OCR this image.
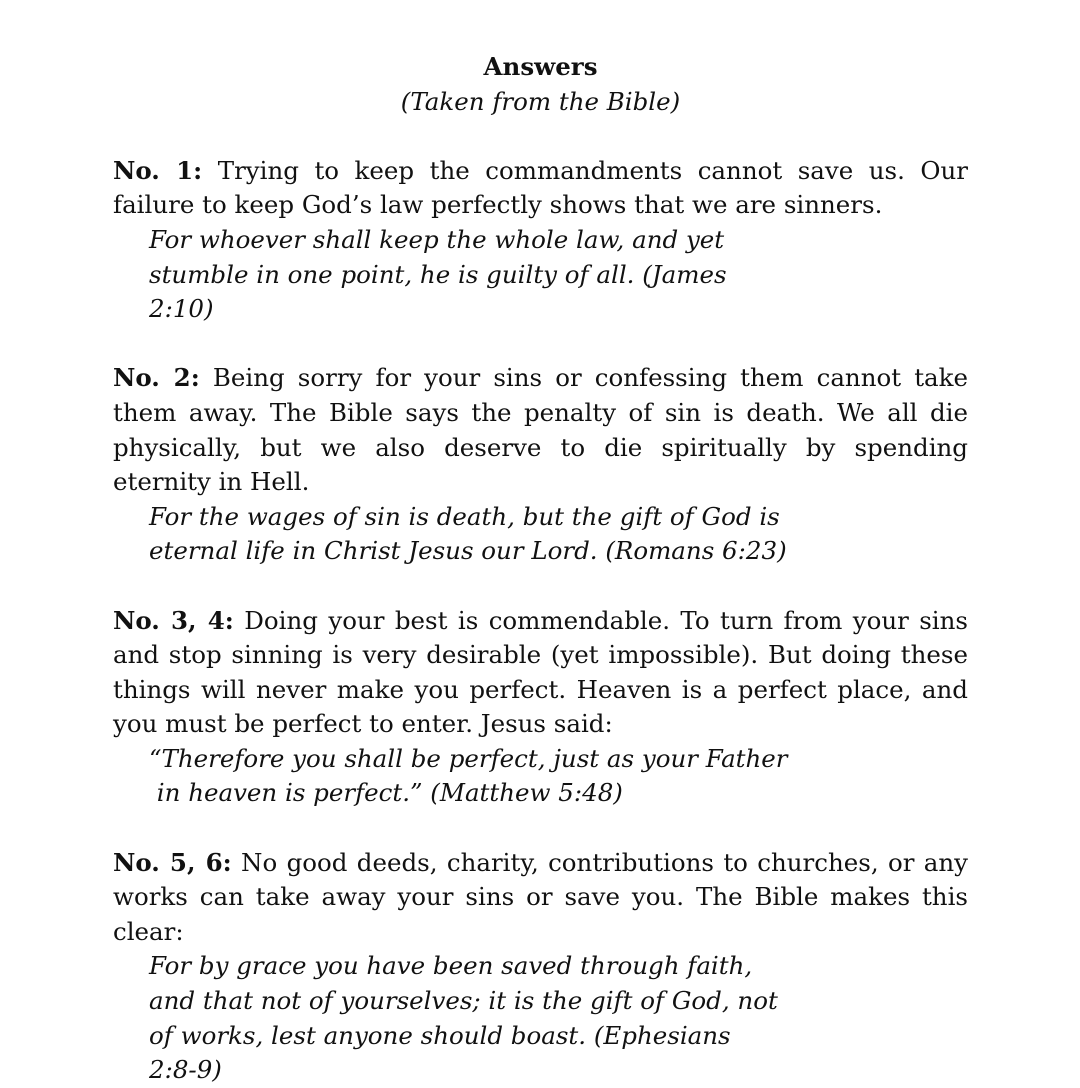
Answers

(Taken from the Bible)

No. 1: Trying to keep the commandments cannot save us. Our failure to keep God’s law perfectly shows that we are sinners.

For whoever shall keep the whole law, and yet
stumble in one point, he is guilty of all. (James
2:10)

No. 2: Being sorry for your sins or confessing them cannot take them away. The Bible says the penalty of sin is death. We all die physically, but we also deserve to die spiritually by spending eternity in Hell.

For the wages of sin is death, but the gift of God is
eternal life in Christ Jesus our Lord. (Romans 6:23)

No. 3, 4: Doing your best is commendable. To turn from your sins and stop sinning is very desirable (yet impossible). But doing these things will never make you perfect. Heaven is a perfect place, and you must be perfect to enter. Jesus said:

“Therefore you shall be perfect, just as your Father
in heaven is perfect.” (Matthew 5:48)

No. 5, 6: No good deeds, charity, contributions to churches, or any works can take away your sins or save you. The Bible makes this clear:

For by grace you have been saved through faith,
and that not of yourselves; it is the gift of God, not
of works, lest anyone should boast. (Ephesians
2:8-9)
